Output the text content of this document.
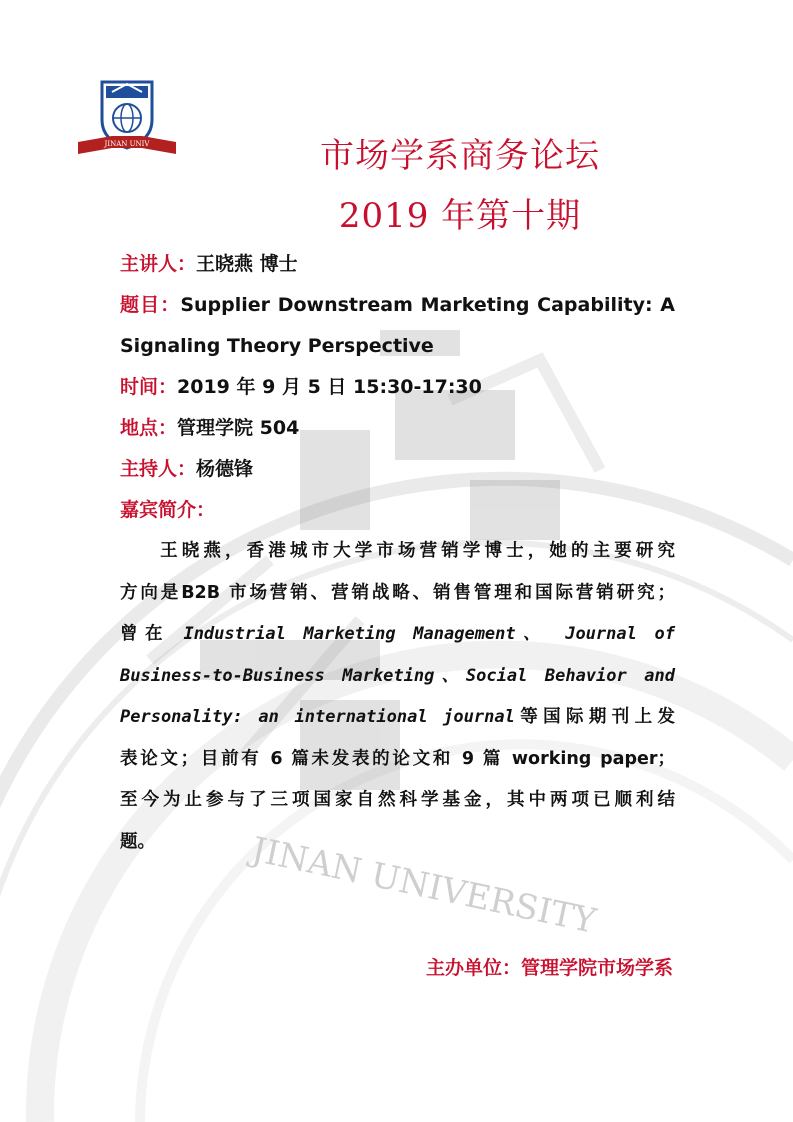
JINAN UNIVERSITY
JINAN UNIV	市场学系商务论坛
2019 年第十期
主讲人：王晓燕 博士
题目：Supplier Downstream Marketing Capability: A
Signaling Theory Perspective
时间：2019 年 9 月 5 日 15:30-17:30
地点：管理学院 504
主持人：杨德锋
嘉宾简介：
王晓燕，香港城市大学市场营销学博士，她的主要研究
方向是B2B 市场营销、营销战略、销售管理和国际营销研究；
曾在 Industrial Marketing Management、 Journal of
Business-to-Business Marketing、Social Behavior and
Personality: an international journal等国际期刊上发
表论文；目前有 6 篇未发表的论文和 9 篇 working paper；
至今为止参与了三项国家自然科学基金，其中两项已顺利结
题。
主办单位：管理学院市场学系
